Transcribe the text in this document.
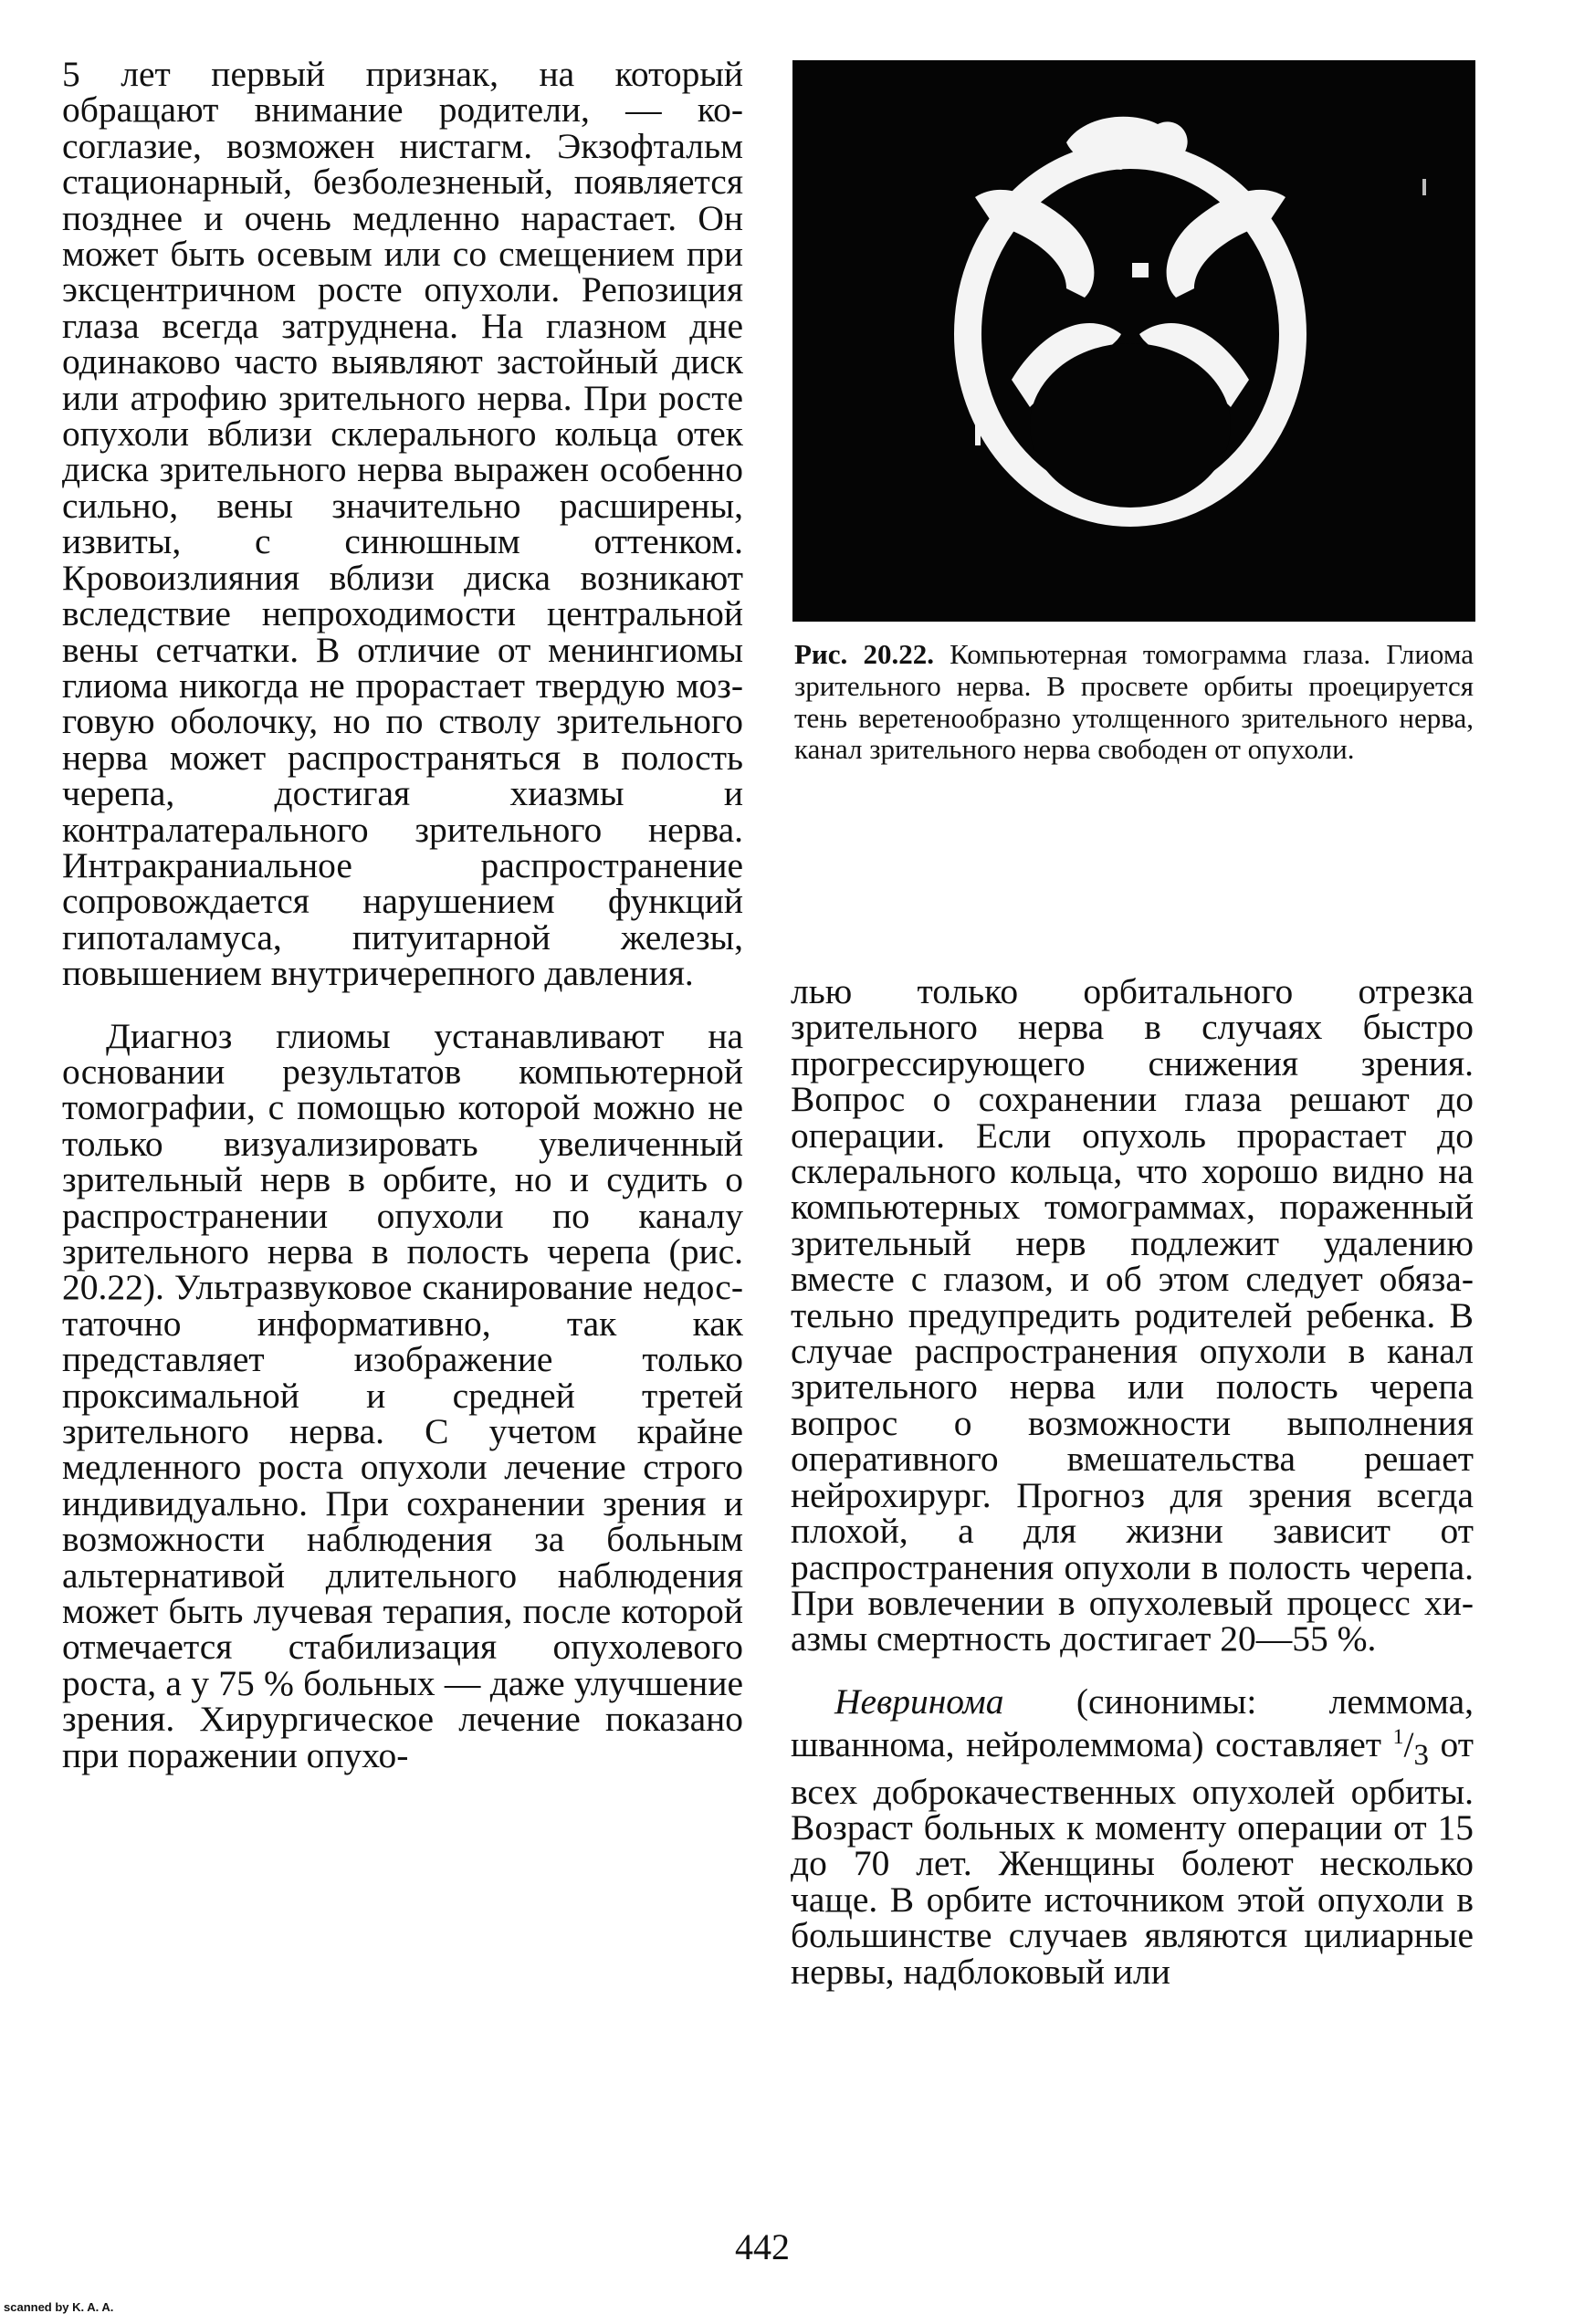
5 лет первый признак, на который обращают внимание родители, — косоглазие, возможен нистагм. Экзофтальм стационарный, безболезненый, появляется позднее и очень медленно нарастает. Он может быть осевым или со смещением при эксцентричном росте опухоли. Репозиция глаза всегда затруднена. На глазном дне одинаково часто выявляют застойный диск или атрофию зрительного нерва. При росте опухоли вблизи склерального кольца отек диска зрительного нерва выражен особенно сильно, вены значительно расширены, извиты, с синюшным оттенком. Кровоизлияния вблизи диска возникают вследствие непроходимости центральной вены сетчатки. В отличие от менингиомы глиома никогда не прорастает твердую мозговую оболочку, но по стволу зрительного нерва может распространяться в полость черепа, достигая хиазмы и контралатерального зрительного нерва. Интракраниальное распространение сопровождается нарушением функций гипоталамуса, питуитарной железы, повышением внутричерепного давления.

Диагноз глиомы устанавливают на основании результатов компьютерной томографии, с помощью которой можно не только визуализировать увеличенный зрительный нерв в орбите, но и судить о распространении опухоли по каналу зрительного нерва в полость черепа (рис. 20.22). Ультразвуковое сканирование недостаточно информативно, так как представляет изображение только проксимальной и средней третей зрительного нерва. С учетом крайне медленного роста опухоли лечение строго индивидуально. При сохранении зрения и возможности наблюдения за больным альтернативой длительного наблюдения может быть лучевая терапия, после которой отмечается стабилизация опухолевого роста, а у 75 % больных — даже улучшение зрения. Хирургическое лечение показано при поражении опухо-

Рис. 20.22. Компьютерная томограмма глаза. Глиома зрительного нерва. В просвете орбиты проецируется тень веретенообразно утолщенного зрительного нерва, канал зрительного нерва свободен от опухоли.

лью только орбитального отрезка зрительного нерва в случаях быстро прогрессирующего снижения зрения. Вопрос о сохранении глаза решают до операции. Если опухоль прорастает до склерального кольца, что хорошо видно на компьютерных томограммах, пораженный зрительный нерв подлежит удалению вместе с глазом, и об этом следует обязательно предупредить родителей ребенка. В случае распространения опухоли в канал зрительного нерва или полость черепа вопрос о возможности выполнения оперативного вмешательства решает нейрохирург. Прогноз для зрения всегда плохой, а для жизни зависит от распространения опухоли в полость черепа. При вовлечении в опухолевый процесс хиазмы смертность достигает 20—55 %.

Невринома (синонимы: леммома, шваннома, нейролеммома) составляет $^1/_3$ от всех доброкачественных опухолей орбиты. Возраст больных к моменту операции от 15 до 70 лет. Женщины болеют несколько чаще. В орбите источником этой опухоли в большинстве случаев являются цилиарные нервы, надблоковый или

442
scanned by K. A. A.
